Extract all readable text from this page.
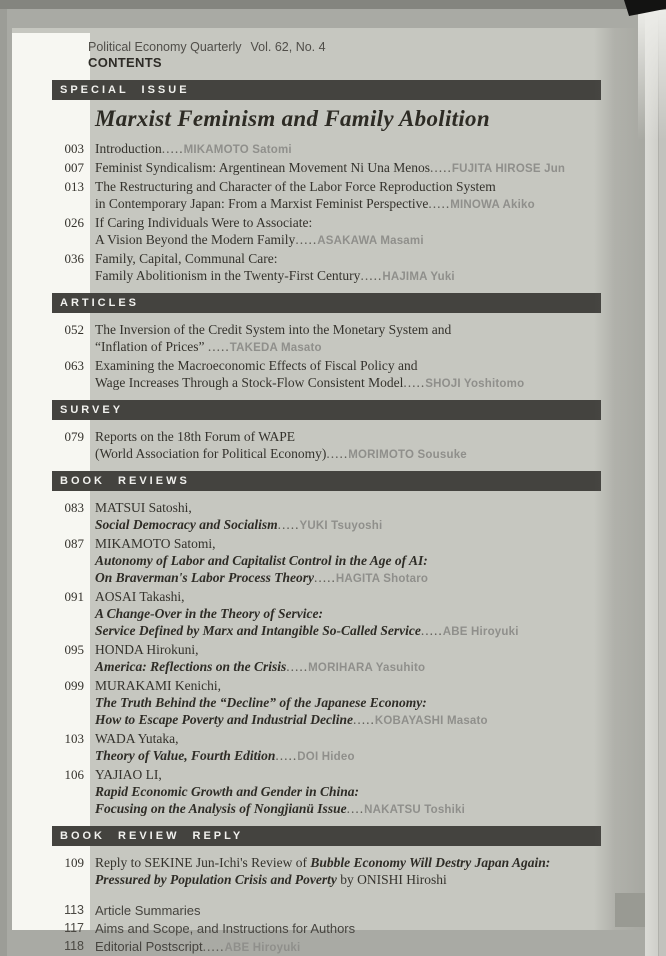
Political Economy Quarterly Vol. 62, No. 4
CONTENTS
SPECIAL ISSUE
Marxist Feminism and Family Abolition
003 Introduction.....MIKAMOTO Satomi
007 Feminist Syndicalism: Argentinean Movement Ni Una Menos.....FUJITA HIROSE Jun
013 The Restructuring and Character of the Labor Force Reproduction System
in Contemporary Japan: From a Marxist Feminist Perspective.....MINOWA Akiko
026 If Caring Individuals Were to Associate:
A Vision Beyond the Modern Family.....ASAKAWA Masami
036 Family, Capital, Communal Care:
Family Abolitionism in the Twenty-First Century.....HAJIMA Yuki
ARTICLES
052 The Inversion of the Credit System into the Monetary System and
“Inflation of Prices” .....TAKEDA Masato
063 Examining the Macroeconomic Effects of Fiscal Policy and
Wage Increases Through a Stock-Flow Consistent Model.....SHOJI Yoshitomo
SURVEY
079 Reports on the 18th Forum of WAPE
(World Association for Political Economy).....MORIMOTO Sousuke
BOOK REVIEWS
083 MATSUI Satoshi,
Social Democracy and Socialism.....YUKI Tsuyoshi
087 MIKAMOTO Satomi,
Autonomy of Labor and Capitalist Control in the Age of AI:
On Braverman's Labor Process Theory.....HAGITA Shotaro
091 AOSAI Takashi,
A Change-Over in the Theory of Service:
Service Defined by Marx and Intangible So-Called Service.....ABE Hiroyuki
095 HONDA Hirokuni,
America: Reflections on the Crisis.....MORIHARA Yasuhito
099 MURAKAMI Kenichi,
The Truth Behind the “Decline” of the Japanese Economy:
How to Escape Poverty and Industrial Decline.....KOBAYASHI Masato
103 WADA Yutaka,
Theory of Value, Fourth Edition.....DOI Hideo
106 YAJIAO LI,
Rapid Economic Growth and Gender in China:
Focusing on the Analysis of Nongjianü Issue....NAKATSU Toshiki
BOOK REVIEW REPLY
109 Reply to SEKINE Jun-Ichi's Review of Bubble Economy Will Destry Japan Again:
Pressured by Population Crisis and Poverty by ONISHI Hiroshi
113 Article Summaries
117 Aims and Scope, and Instructions for Authors
118 Editorial Postscript.....ABE Hiroyuki
